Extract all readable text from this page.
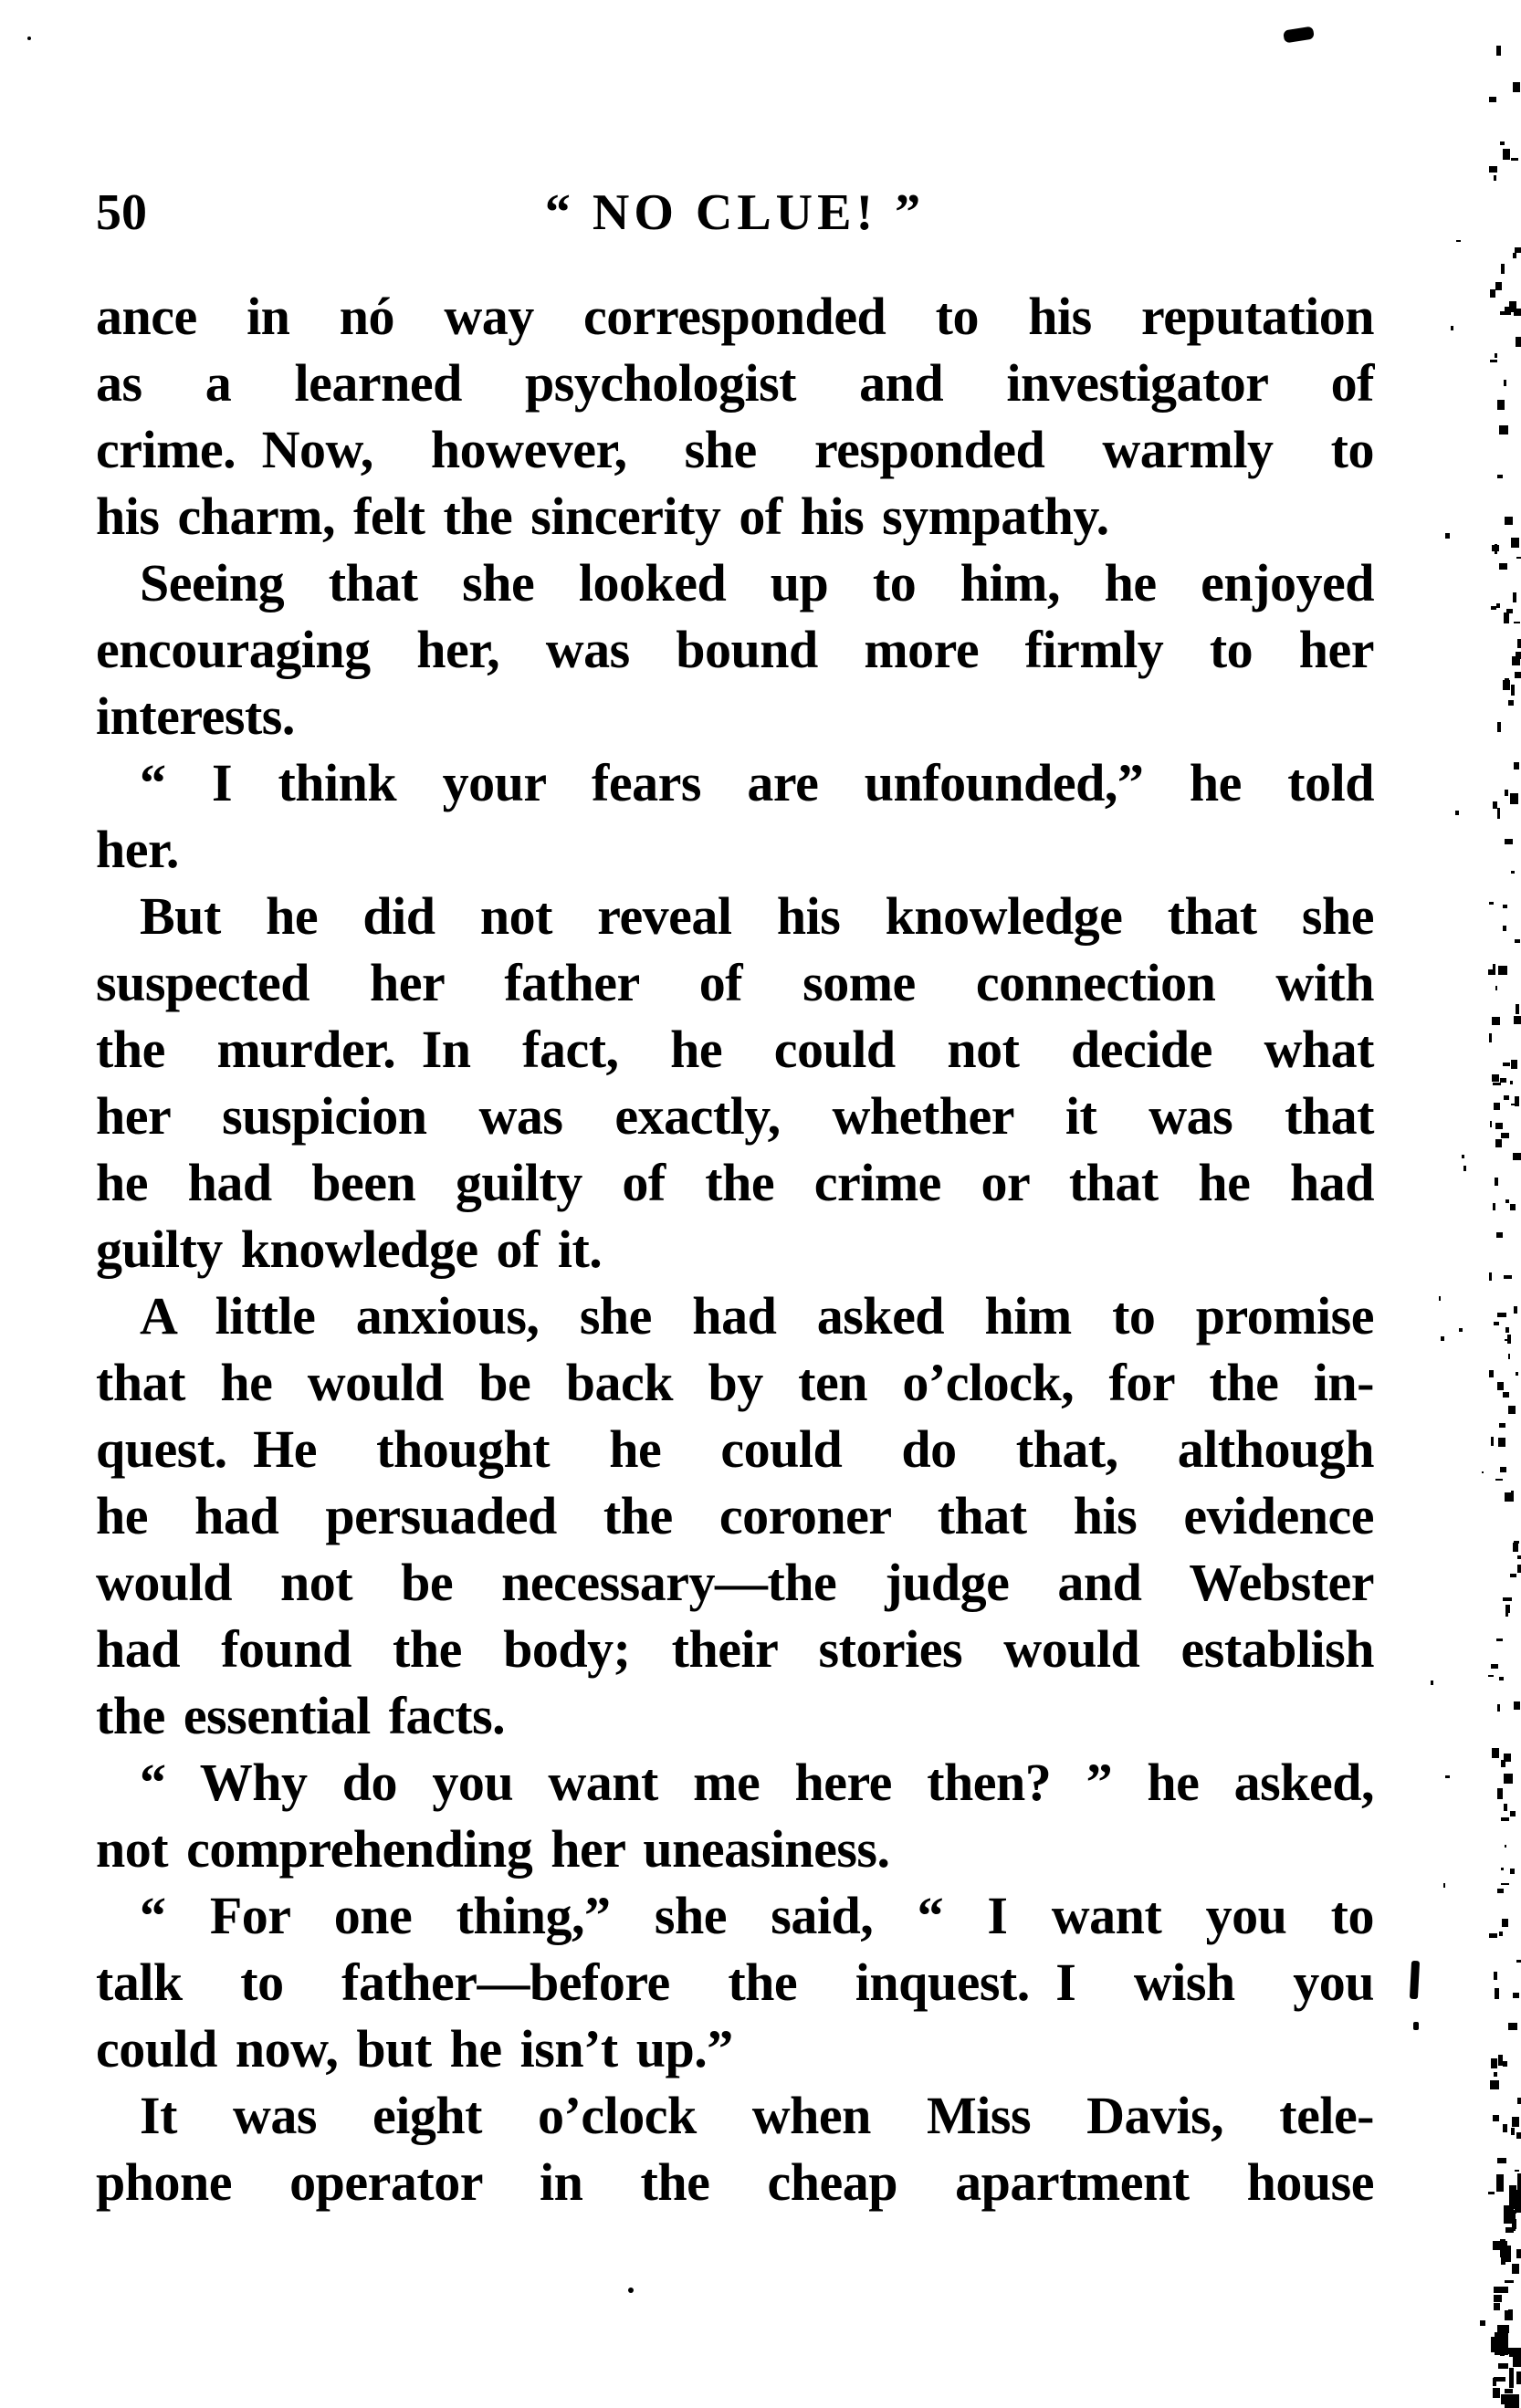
50	“ NO CLUE! ”
ance in nó way corresponded to his reputation
as a learned psychologist and investigator of
crime. Now, however, she responded warmly to
his charm, felt the sincerity of his sympathy.
Seeing that she looked up to him, he enjoyed
encouraging her, was bound more firmly to her
interests.
“ I think your fears are unfounded,” he told
her.
But he did not reveal his knowledge that she
suspected her father of some connection with
the murder. In fact, he could not decide what
her suspicion was exactly, whether it was that
he had been guilty of the crime or that he had
guilty knowledge of it.
A little anxious, she had asked him to promise
that he would be back by ten o’clock, for the in-
quest. He thought he could do that, although
he had persuaded the coroner that his evidence
would not be necessary—the judge and Webster
had found the body; their stories would establish
the essential facts.
“ Why do you want me here then? ” he asked,
not comprehending her uneasiness.
“ For one thing,” she said, “ I want you to
talk to father—before the inquest. I wish you
could now, but he isn’t up.”
It was eight o’clock when Miss Davis, tele-
phone operator in the cheap apartment house
